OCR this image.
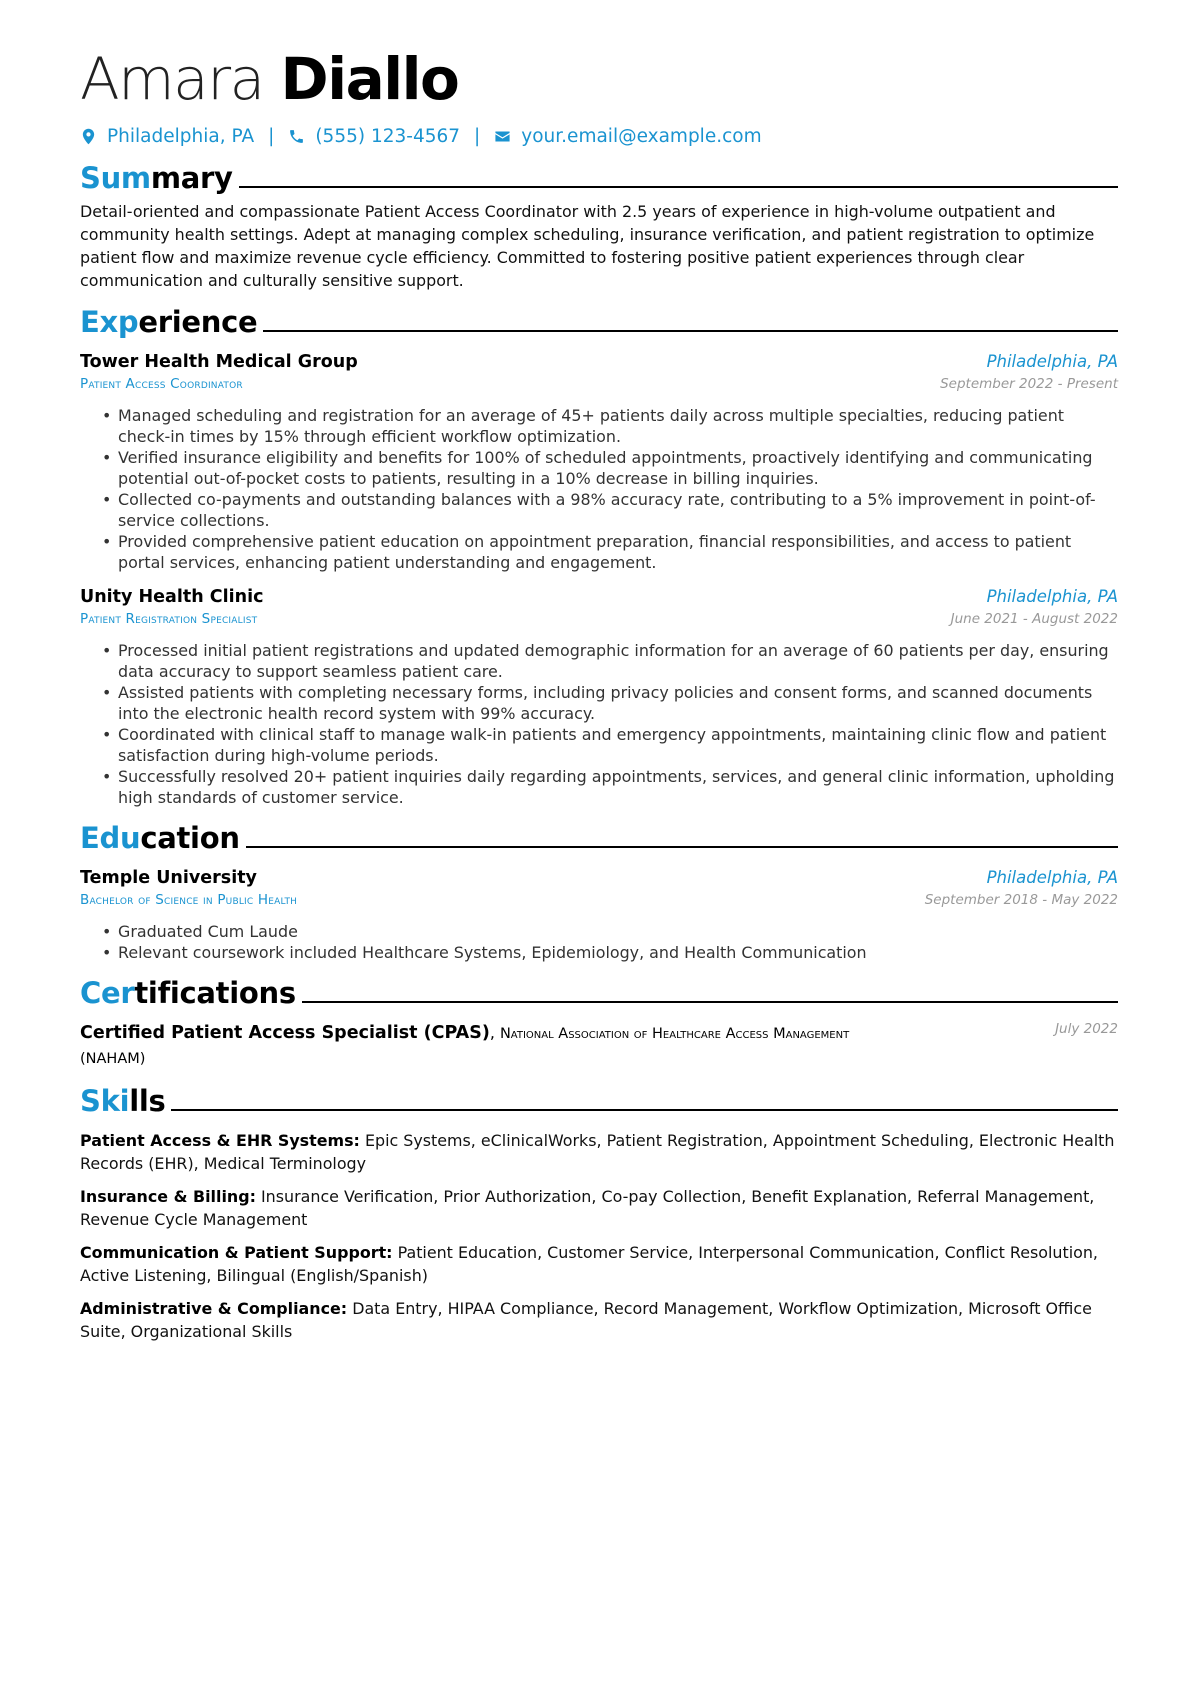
Amara Diallo
Philadelphia, PA | (555) 123-4567 | your.email@example.com
Summary
Detail-oriented and compassionate Patient Access Coordinator with 2.5 years of experience in high-volume outpatient and community health settings. Adept at managing complex scheduling, insurance verification, and patient registration to optimize patient flow and maximize revenue cycle efficiency. Committed to fostering positive patient experiences through clear communication and culturally sensitive support.
Experience
Tower Health Medical Group	Philadelphia, PA
Patient Access Coordinator	September 2022 - Present
• Managed scheduling and registration for an average of 45+ patients daily across multiple specialties, reducing patient check-in times by 15% through efficient workflow optimization.
• Verified insurance eligibility and benefits for 100% of scheduled appointments, proactively identifying and communicating potential out-of-pocket costs to patients, resulting in a 10% decrease in billing inquiries.
• Collected co-payments and outstanding balances with a 98% accuracy rate, contributing to a 5% improvement in point-of-service collections.
• Provided comprehensive patient education on appointment preparation, financial responsibilities, and access to patient portal services, enhancing patient understanding and engagement.
Unity Health Clinic	Philadelphia, PA
Patient Registration Specialist	June 2021 - August 2022
• Processed initial patient registrations and updated demographic information for an average of 60 patients per day, ensuring data accuracy to support seamless patient care.
• Assisted patients with completing necessary forms, including privacy policies and consent forms, and scanned documents into the electronic health record system with 99% accuracy.
• Coordinated with clinical staff to manage walk-in patients and emergency appointments, maintaining clinic flow and patient satisfaction during high-volume periods.
• Successfully resolved 20+ patient inquiries daily regarding appointments, services, and general clinic information, upholding high standards of customer service.
Education
Temple University	Philadelphia, PA
Bachelor of Science in Public Health	September 2018 - May 2022
• Graduated Cum Laude
• Relevant coursework included Healthcare Systems, Epidemiology, and Health Communication
Certifications
Certified Patient Access Specialist (CPAS), National Association of Healthcare Access Management (NAHAM)
July 2022
Skills
Patient Access & EHR Systems: Epic Systems, eClinicalWorks, Patient Registration, Appointment Scheduling, Electronic Health Records (EHR), Medical Terminology
Insurance & Billing: Insurance Verification, Prior Authorization, Co-pay Collection, Benefit Explanation, Referral Management, Revenue Cycle Management
Communication & Patient Support: Patient Education, Customer Service, Interpersonal Communication, Conflict Resolution, Active Listening, Bilingual (English/Spanish)
Administrative & Compliance: Data Entry, HIPAA Compliance, Record Management, Workflow Optimization, Microsoft Office Suite, Organizational Skills
